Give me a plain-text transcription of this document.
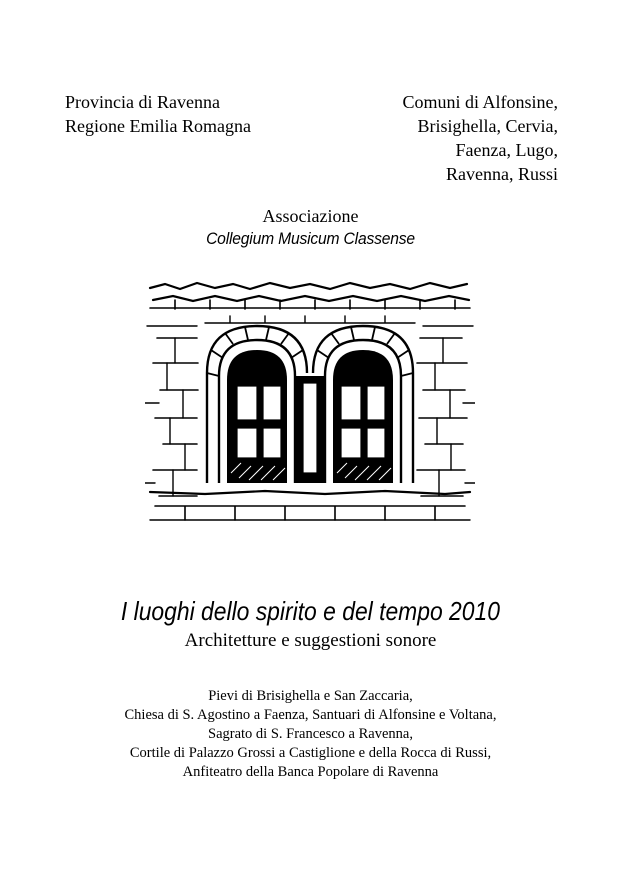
Provincia di Ravenna
Regione Emilia Romagna
Comuni di Alfonsine,
Brisighella, Cervia,
Faenza, Lugo,
Ravenna, Russi
Associazione
Collegium Musicum Classense
I luoghi dello spirito e del tempo 2010
Architetture e suggestioni sonore
Pievi di Brisighella e San Zaccaria,
Chiesa di S. Agostino a Faenza, Santuari di Alfonsine e Voltana,
Sagrato di S. Francesco a Ravenna,
Cortile di Palazzo Grossi a Castiglione e della Rocca di Russi,
Anfiteatro della Banca Popolare di Ravenna
